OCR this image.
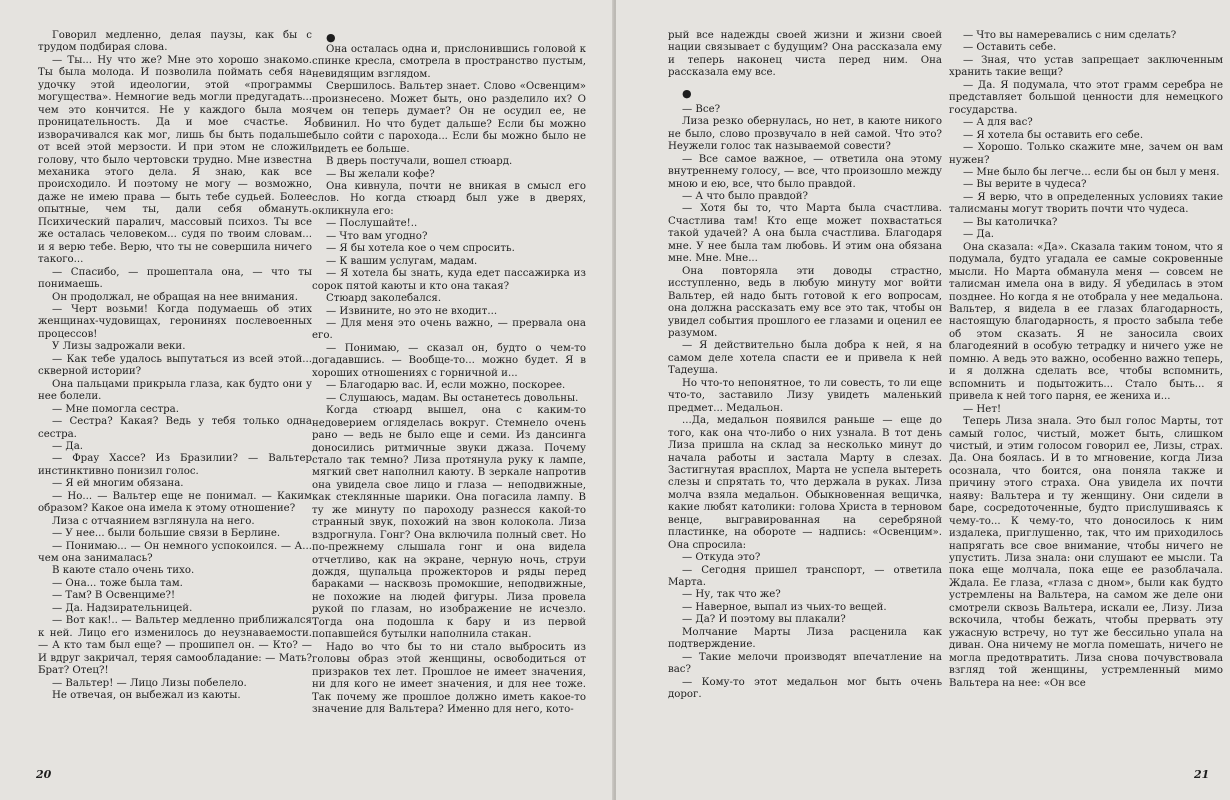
Говорил медленно, делая паузы, как бы с трудом подбирая слова.

— Ты... Ну что же? Мне это хорошо знакомо. Ты была молода. И позволила поймать себя на удочку этой идеологии, этой «программы могущества». Немногие ведь могли предугадать... чем это кончится. Не у каждого была моя проницательность. Да и мое счастье. Я изворачивался как мог, лишь бы быть подальше от всей этой мерзости. И при этом не сложил голову, что было чертовски трудно. Мне известна механика этого дела. Я знаю, как все происходило. И поэтому не могу — возможно, даже не имею права — быть тебе судьей. Более опытные, чем ты, дали себя обмануть. Психический паралич, массовый психоз. Ты все же осталась человеком... судя по твоим словам... и я верю тебе. Верю, что ты не совершила ничего такого...

— Спасибо, — прошептала она, — что ты понимаешь.

Он продолжал, не обращая на нее внимания.

— Черт возьми! Когда подумаешь об этих женщинах-чудовищах, геронинях послевоенных процессов!

У Лизы задрожали веки.

— Как тебе удалось выпутаться из всей этой... скверной истории?

Она пальцами прикрыла глаза, как будто они у нее болели.

— Мне помогла сестра.

— Сестра? Какая? Ведь у тебя только одна сестра.

— Да.

— Фрау Хассе? Из Бразилии? — Вальтер инстинктивно понизил голос.

— Я ей многим обязана.

— Но... — Вальтер еще не понимал. — Каким образом? Какое она имела к этому отношение?

Лиза с отчаянием взглянула на него.

— У нее... были большие связи в Берлине.

— Понимаю... — Он немного успокоился. — А... чем она занималась?

В каюте стало очень тихо.

— Она... тоже была там.

— Там? В Освенциме?!

— Да. Надзирательницей.

— Вот как!.. — Вальтер медленно приближался к ней. Лицо его изменилось до неузнаваемости. — А кто там был еще? — прошипел он. — Кто? — И вдруг закричал, теряя самообладание: — Мать? Брат? Отец?!

— Вальтер! — Лицо Лизы побелело.

Не отвечая, он выбежал из каюты.

●

Она осталась одна и, прислонившись головой к спинке кресла, смотрела в пространство пустым, невидящим взглядом.

Свершилось. Вальтер знает. Слово «Освенцим» произнесено. Может быть, оно разделило их? О чем он теперь думает? Он не осудил ее, не обвинил. Но что будет дальше? Если бы можно было сойти с парохода... Если бы можно было не видеть ее больше.

В дверь постучали, вошел стюард.

— Вы желали кофе?

Она кивнула, почти не вникая в смысл его слов. Но когда стюард был уже в дверях, окликнула его:

— Послушайте!..

— Что вам угодно?

— Я бы хотела кое о чем спросить.

— К вашим услугам, мадам.

— Я хотела бы знать, куда едет пассажирка из сорок пятой каюты и кто она такая?

Стюард заколебался.

— Извините, но это не входит...

— Для меня это очень важно, — прервала она его.

— Понимаю, — сказал он, будто о чем-то догадавшись. — Вообще-то... можно будет. Я в хороших отношениях с горничной и...

— Благодарю вас. И, если можно, поскорее.

— Слушаюсь, мадам. Вы останетесь довольны.

Когда стюард вышел, она с каким-то недоверием огляделась вокруг. Стемнело очень рано — ведь не было еще и семи. Из дансинга доносились ритмичные звуки джаза. Почему стало так темно? Лиза протянула руку к лампе, мягкий свет наполнил каюту. В зеркале напротив она увидела свое лицо и глаза — неподвижные, как стеклянные шарики. Она погасила лампу. В ту же минуту по пароходу разнесся какой-то странный звук, похожий на звон колокола. Лиза вздрогнула. Гонг? Она включила полный свет. Но по-прежнему слышала гонг и она видела отчетливо, как на экране, черную ночь, струи дождя, щупальца прожекторов и ряды перед бараками — насквозь промокшие, неподвижные, не похожие на людей фигуры. Лиза провела рукой по глазам, но изображение не исчезло. Тогда она подошла к бару и из первой попавшейся бутылки наполнила стакан.

Надо во что бы то ни стало выбросить из головы образ этой женщины, освободиться от призраков тех лет. Прошлое не имеет значения, ни для кого не имеет значения, и для нее тоже. Так почему же прошлое должно иметь какое-то значение для Вальтера? Именно для него, кото-

20

рый все надежды своей жизни и жизни своей нации связывает с будущим? Она рассказала ему и теперь наконец чиста перед ним. Она рассказала ему все.

●

— Все?

Лиза резко обернулась, но нет, в каюте никого не было, слово прозвучало в ней самой. Что это? Неужели голос так называемой совести?

— Все самое важное, — ответила она этому внутреннему голосу, — все, что произошло между мною и ею, все, что было правдой.

— А что было правдой?

— Хотя бы то, что Марта была счастлива. Счастлива там! Кто еще может похвастаться такой удачей? А она была счастлива. Благодаря мне. У нее была там любовь. И этим она обязана мне. Мне. Мне...

Она повторяла эти доводы страстно, исступленно, ведь в любую минуту мог войти Вальтер, ей надо быть готовой к его вопросам, она должна рассказать ему все это так, чтобы он увидел события прошлого ее глазами и оценил ее разумом.

— Я действительно была добра к ней, я на самом деле хотела спасти ее и привела к ней Тадеуша.

Но что-то непонятное, то ли совесть, то ли еще что-то, заставило Лизу увидеть маленький предмет... Медальон.

...Да, медальон появился раньше — еще до того, как она что-либо о них узнала. В тот день Лиза пришла на склад за несколько минут до начала работы и застала Марту в слезах. Застигнутая врасплох, Марта не успела вытереть слезы и спрятать то, что держала в руках. Лиза молча взяла медальон. Обыкновенная вещичка, какие любят католики: голова Христа в терновом венце, выгравированная на серебряной пластинке, на обороте — надпись: «Освенцим». Она спросила:

— Откуда это?

— Сегодня пришел транспорт, — ответила Марта.

— Ну, так что же?

— Наверное, выпал из чьих-то вещей.

— Да? И поэтому вы плакали?

Молчание Марты Лиза расценила как подтверждение.

— Такие мелочи производят впечатление на вас?

— Кому-то этот медальон мог быть очень дорог.

— Что вы намеревались с ним сделать?

— Оставить себе.

— Зная, что устав запрещает заключенным хранить такие вещи?

— Да. Я подумала, что этот грамм серебра не представляет большой ценности для немецкого государства.

— А для вас?

— Я хотела бы оставить его себе.

— Хорошо. Только скажите мне, зачем он вам нужен?

— Мне было бы легче... если бы он был у меня.

— Вы верите в чудеса?

— Я верю, что в определенных условиях такие талисманы могут творить почти что чудеса.

— Вы католичка?

— Да.

Она сказала: «Да». Сказала таким тоном, что я подумала, будто угадала ее самые сокровенные мысли. Но Марта обманула меня — совсем не талисман имела она в виду. Я убедилась в этом позднее. Но когда я не отобрала у нее медальона. Вальтер, я видела в ее глазах благодарность, настоящую благодарность, я просто забыла тебе об этом сказать. Я не заносила своих благодеяний в особую тетрадку и ничего уже не помню. А ведь это важно, особенно важно теперь, и я должна сделать все, чтобы вспомнить, вспомнить и подытожить... Стало быть... я привела к ней того парня, ее жениха и...

— Нет!

Теперь Лиза знала. Это был голос Марты, тот самый голос, чистый, может быть, слишком чистый, и этим голосом говорил ее, Лизы, страх. Да. Она боялась. И в то мгновение, когда Лиза осознала, что боится, она поняла также и причину этого страха. Она увидела их почти наяву: Вальтера и ту женщину. Они сидели в баре, сосредоточенные, будто прислушиваясь к чему-то... К чему-то, что доносилось к ним издалека, приглушенно, так, что им приходилось напрягать все свое внимание, чтобы ничего не упустить. Лиза знала: они слушают ее мысли. Та пока еще молчала, пока еще ее разоблачала. Ждала. Ее глаза, «глаза с дном», были как будто устремлены на Вальтера, на самом же деле они смотрели сквозь Вальтера, искали ее, Лизу. Лиза вскочила, чтобы бежать, чтобы прервать эту ужасную встречу, но тут же бессильно упала на диван. Она ничему не могла помешать, ничего не могла предотвратить. Лиза снова почувствовала взгляд той женщины, устремленный мимо Вальтера на нее: «Он все

21
